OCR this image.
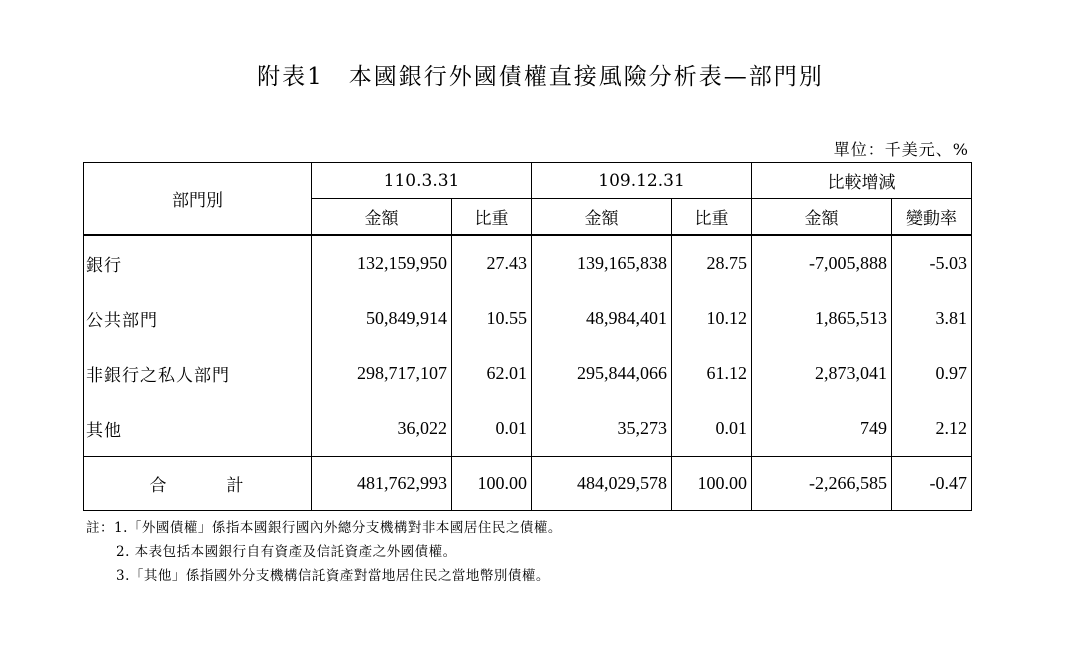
附表1　本國銀行外國債權直接風險分析表—部門別
單位：千美元、%
部門別	110.3.31		109.12.31		比較增減	
	金額	比重	金額	比重	金額	變動率
銀行	132,159,950	27.43	139,165,838	28.75	-7,005,888	-5.03
公共部門	50,849,914	10.55	48,984,401	10.12	1,865,513	3.81
非銀行之私人部門	298,717,107	62.01	295,844,066	61.12	2,873,041	0.97
其他	36,022	0.01	35,273	0.01	749	2.12
合 計	481,762,993	100.00	484,029,578	100.00	-2,266,585	-0.47
註：1.「外國債權」係指本國銀行國內外總分支機構對非本國居住民之債權。
2. 本表包括本國銀行自有資產及信託資產之外國債權。
3.「其他」係指國外分支機構信託資產對當地居住民之當地幣別債權。
